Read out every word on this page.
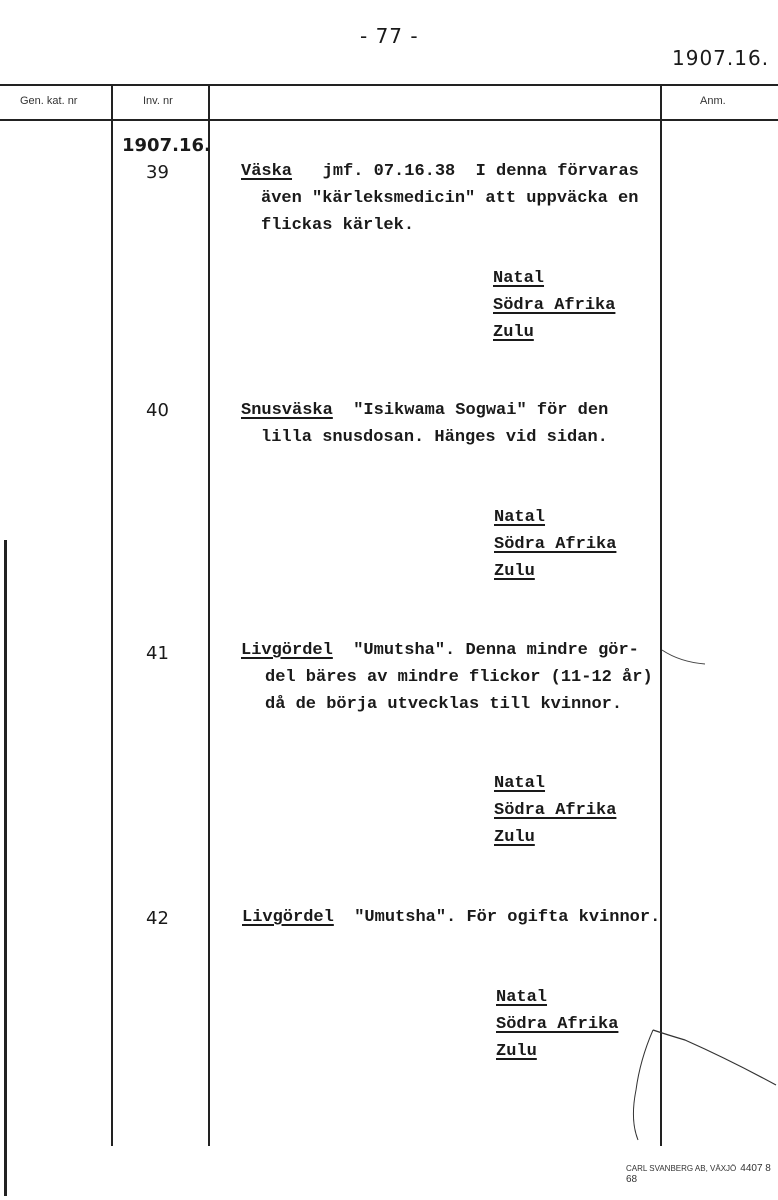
- 77 -
1907.16.
Gen. kat. nr	Inv. nr	Anm.
1907.16.
39	Väska jmf. 07.16.38  I denna förvaras
även "kärleksmedicin" att uppväcka en
flickas kärlek.
Natal
Södra Afrika
Zulu
40	Snusväska "Isikwama Sogwai" för den
lilla snusdosan. Hänges vid sidan.
Natal
Södra Afrika
Zulu
41	Livgördel "Umutsha". Denna mindre gör-
del bäres av mindre flickor (11-12 år)
då de börja utvecklas till kvinnor.
Natal
Södra Afrika
Zulu
42	Livgördel "Umutsha". För ogifta kvinnor.
Natal
Södra Afrika
Zulu
CARL SVANBERG AB, VÄXJÖ 4407 8 68
